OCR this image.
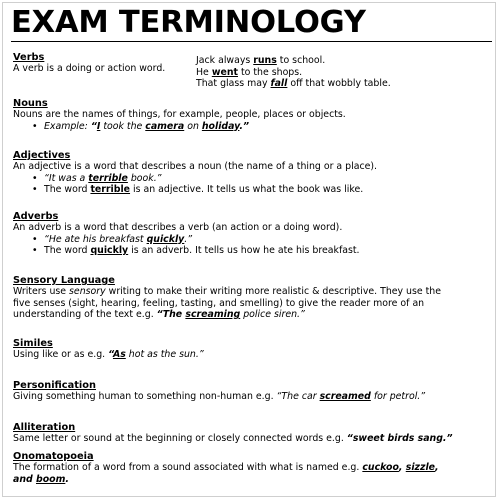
EXAM TERMINOLOGY
Verbs
A verb is a doing or action word.
Jack always runs to school.
He went to the shops.
That glass may fall off that wobbly table.
Nouns
Nouns are the names of things, for example, people, places or objects.
• Example: “I took the camera on holiday.”
Adjectives
An adjective is a word that describes a noun (the name of a thing or a place).
• “It was a terrible book.”
• The word terrible is an adjective. It tells us what the book was like.
Adverbs
An adverb is a word that describes a verb (an action or a doing word).
• “He ate his breakfast quickly.”
• The word quickly is an adverb. It tells us how he ate his breakfast.
Sensory Language
Writers use sensory writing to make their writing more realistic & descriptive. They use the
five senses (sight, hearing, feeling, tasting, and smelling) to give the reader more of an
understanding of the text e.g. “The screaming police siren.”
Similes
Using like or as e.g. “As hot as the sun.”
Personification
Giving something human to something non-human e.g. “The car screamed for petrol.”
Alliteration
Same letter or sound at the beginning or closely connected words e.g. “sweet birds sang.”
Onomatopoeia
The formation of a word from a sound associated with what is named e.g. cuckoo, sizzle,
and boom.
